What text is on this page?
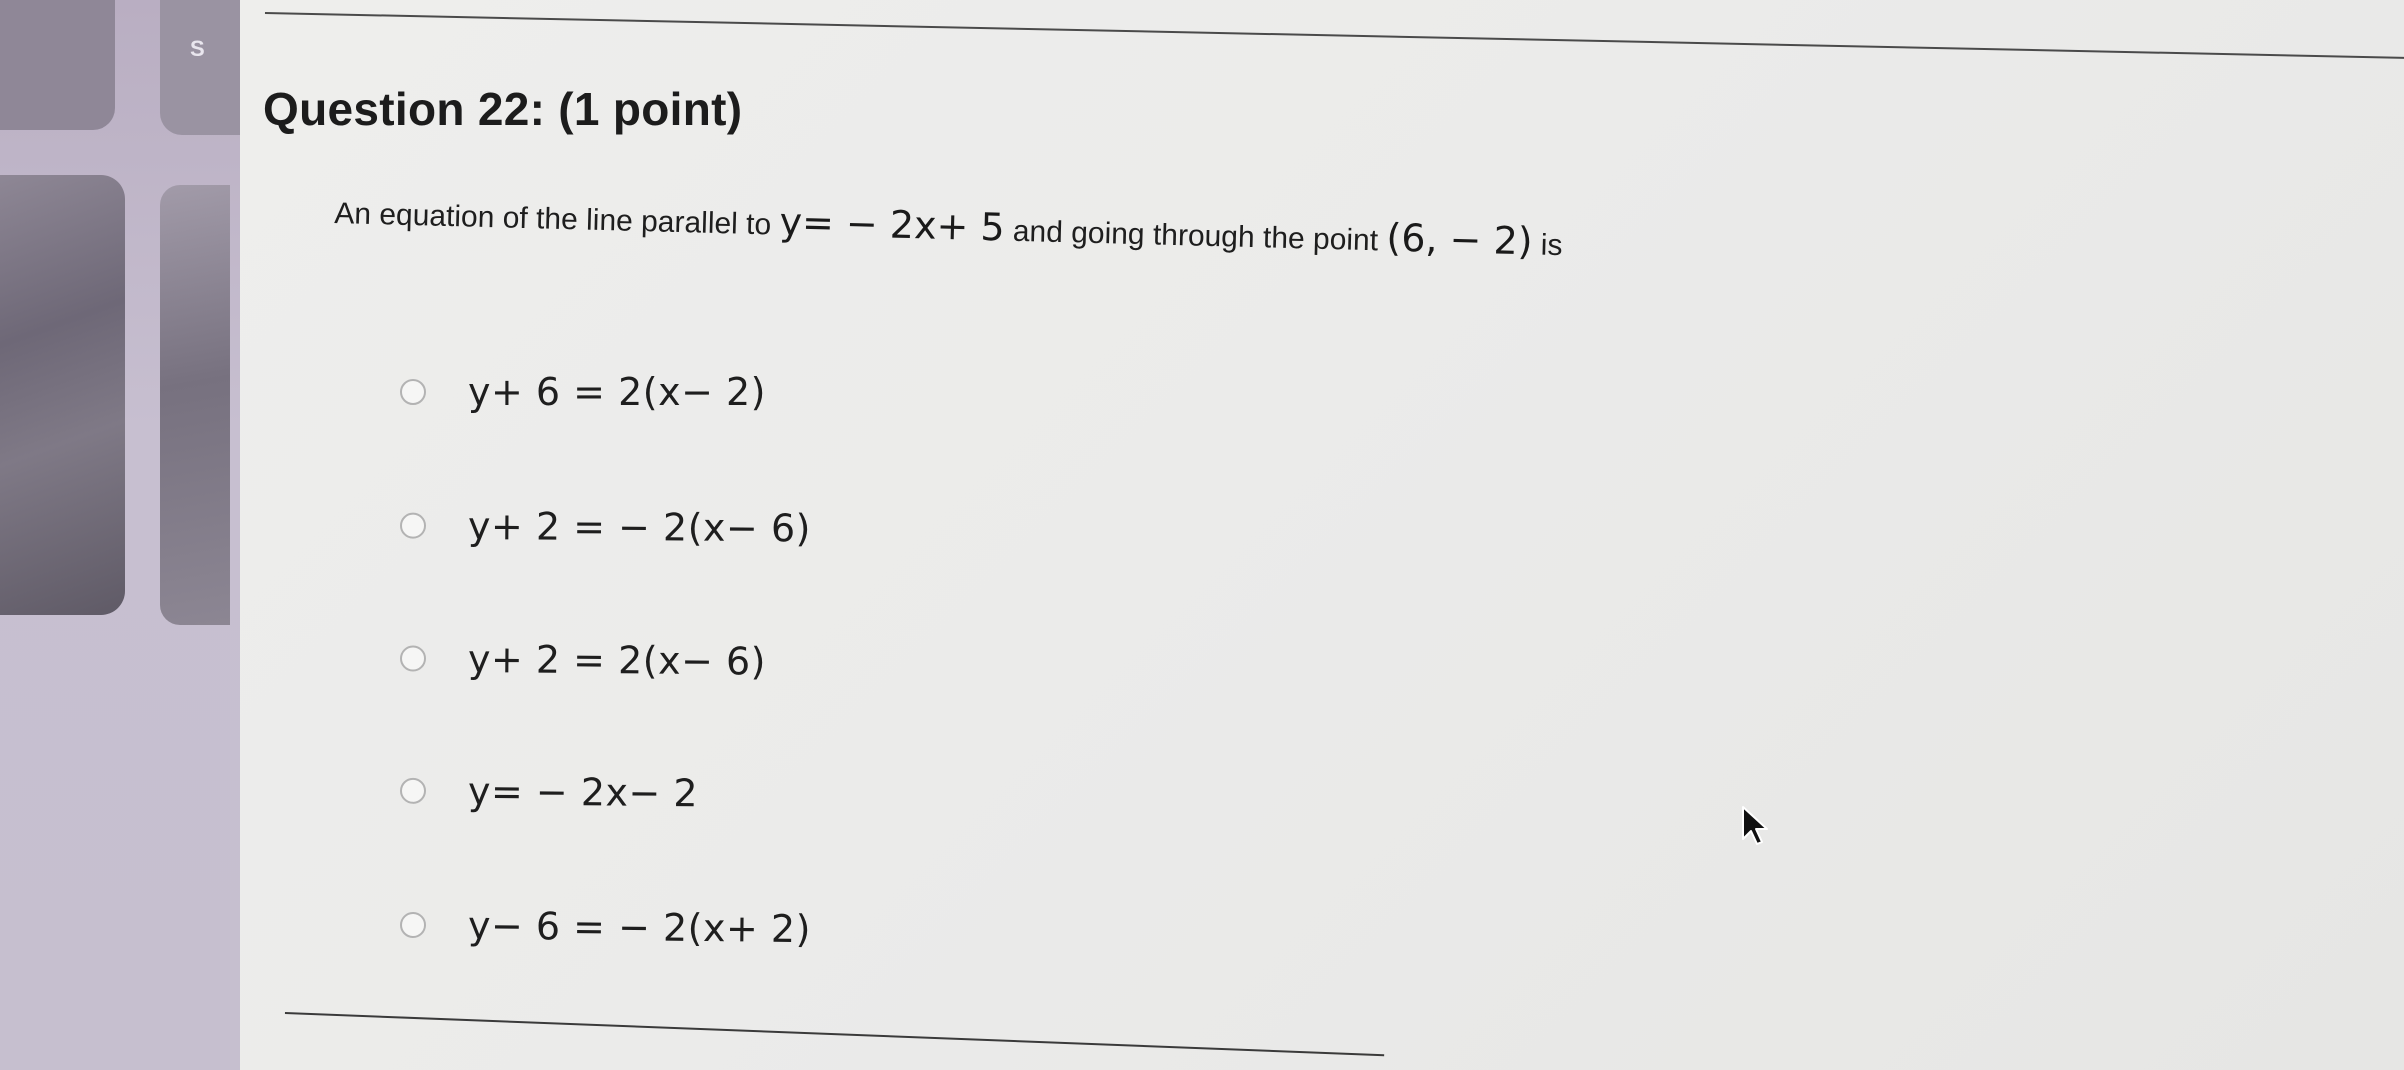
S
Question 22: (1 point)
An equation of the line parallel to y= − 2x+ 5 and going through the point (6, − 2) is
y+ 6 = 2(x− 2)
y+ 2 = − 2(x− 6)
y+ 2 = 2(x− 6)
y= − 2x− 2
y− 6 = − 2(x+ 2)
